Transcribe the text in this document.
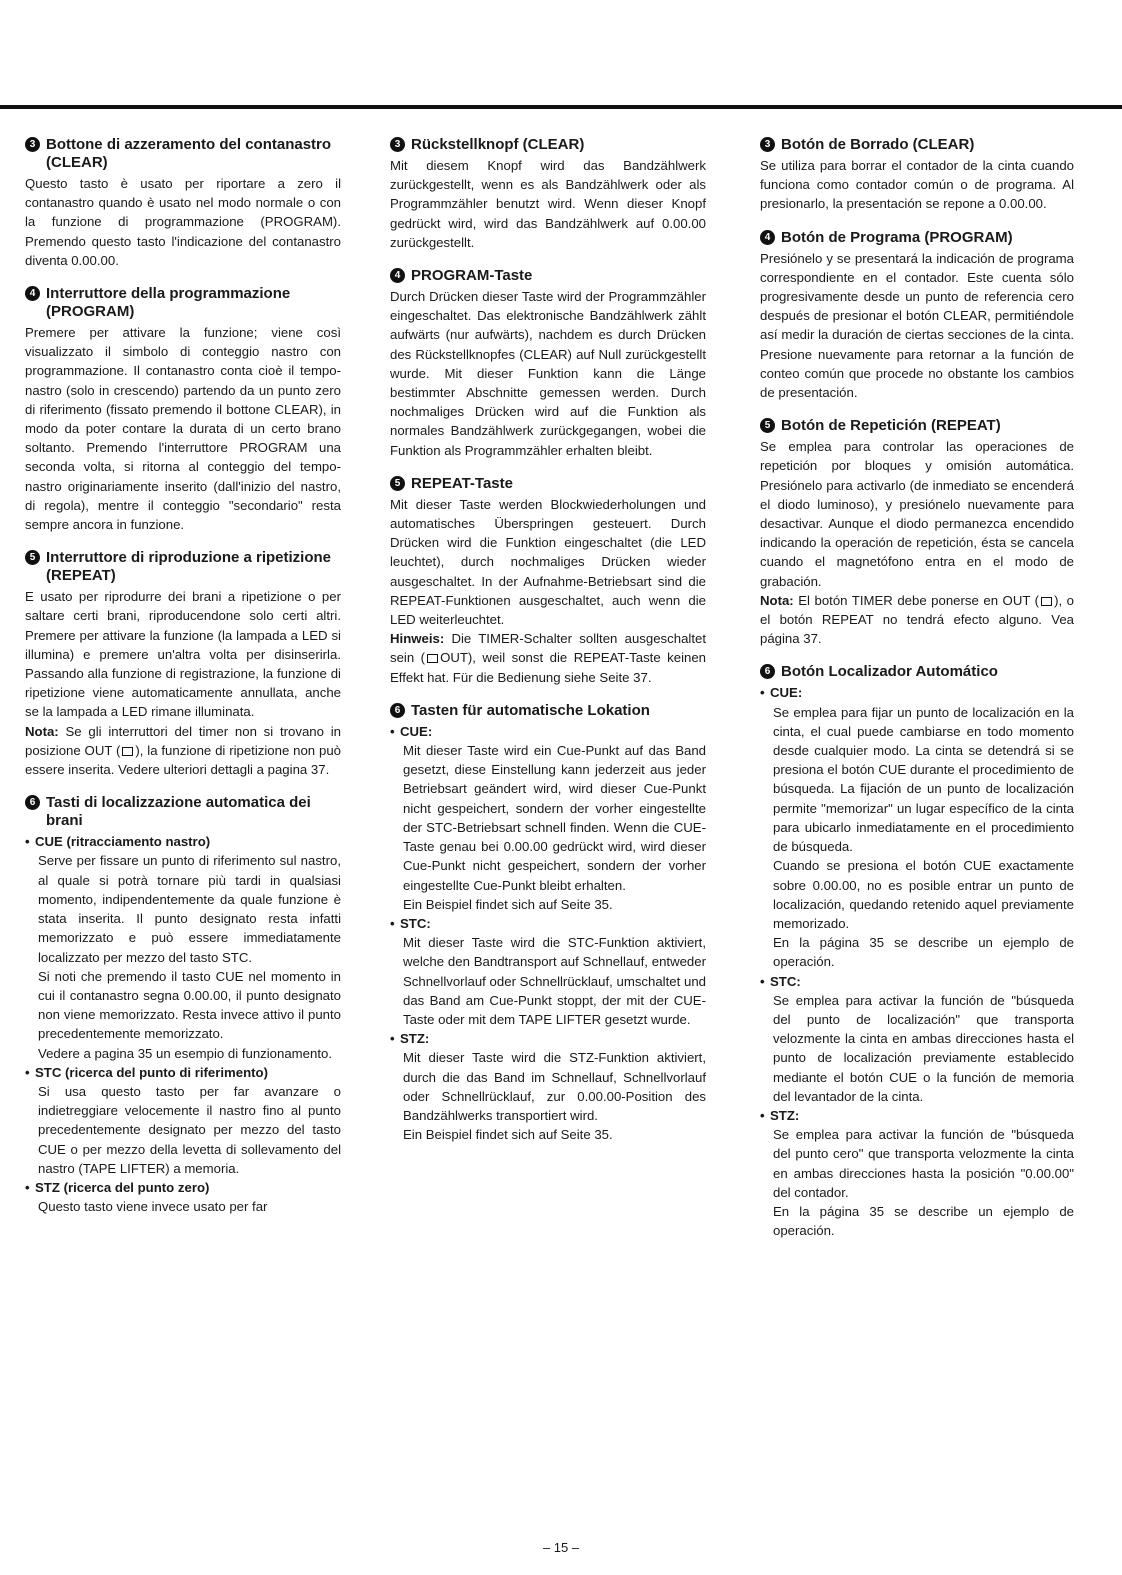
3 Bottone di azzeramento del contanastro (CLEAR)

Questo tasto è usato per riportare a zero il contanastro quando è usato nel modo normale o con la funzione di programmazione (PROGRAM). Premendo questo tasto l'indicazione del contanastro diventa 0.00.00.

4 Interruttore della programmazione (PROGRAM)

Premere per attivare la funzione; viene così visualizzato il simbolo di conteggio nastro con programmazione. Il contanastro conta cioè il tempo-nastro (solo in crescendo) partendo da un punto zero di riferimento (fissato premendo il bottone CLEAR), in modo da poter contare la durata di un certo brano soltanto. Premendo l'interruttore PROGRAM una seconda volta, si ritorna al conteggio del tempo-nastro originariamente inserito (dall'inizio del nastro, di regola), mentre il conteggio "secondario" resta sempre ancora in funzione.

5 Interruttore di riproduzione a ripetizione (REPEAT)

E usato per riprodurre dei brani a ripetizione o per saltare certi brani, riproducendone solo certi altri. Premere per attivare la funzione (la lampada a LED si illumina) e premere un'altra volta per disinserirla. Passando alla funzione di registrazione, la funzione di ripetizione viene automaticamente annullata, anche se la lampada a LED rimane illuminata.

Nota: Se gli interruttori del timer non si trovano in posizione OUT ( ), la funzione di ripetizione non può essere inserita. Vedere ulteriori dettagli a pagina 37.

6 Tasti di localizzazione automatica dei brani

• CUE (ritracciamento nastro)

Serve per fissare un punto di riferimento sul nastro, al quale si potrà tornare più tardi in qualsiasi momento, indipendentemente da quale funzione è stata inserita. Il punto designato resta infatti memorizzato e può essere immediatamente localizzato per mezzo del tasto STC.

Si noti che premendo il tasto CUE nel momento in cui il contanastro segna 0.00.00, il punto designato non viene memorizzato. Resta invece attivo il punto precedentemente memorizzato.

Vedere a pagina 35 un esempio di funzionamento.

• STC (ricerca del punto di riferimento)

Si usa questo tasto per far avanzare o indietreggiare velocemente il nastro fino al punto precedentemente designato per mezzo del tasto CUE o per mezzo della levetta di sollevamento del nastro (TAPE LIFTER) a memoria.

• STZ (ricerca del punto zero)

Questo tasto viene invece usato per far

3 Rückstellknopf (CLEAR)

Mit diesem Knopf wird das Bandzählwerk zurückgestellt, wenn es als Bandzählwerk oder als Programmzähler benutzt wird. Wenn dieser Knopf gedrückt wird, wird das Bandzählwerk auf 0.00.00 zurückgestellt.

4 PROGRAM-Taste

Durch Drücken dieser Taste wird der Programmzähler eingeschaltet. Das elektronische Bandzählwerk zählt aufwärts (nur aufwärts), nachdem es durch Drücken des Rückstellknopfes (CLEAR) auf Null zurückgestellt wurde. Mit dieser Funktion kann die Länge bestimmter Abschnitte gemessen werden. Durch nochmaliges Drücken wird auf die Funktion als normales Bandzählwerk zurückgegangen, wobei die Funktion als Programmzähler erhalten bleibt.

5 REPEAT-Taste

Mit dieser Taste werden Blockwiederholungen und automatisches Überspringen gesteuert. Durch Drücken wird die Funktion eingeschaltet (die LED leuchtet), durch nochmaliges Drücken wieder ausgeschaltet. In der Aufnahme-Betriebsart sind die REPEAT-Funktionen ausgeschaltet, auch wenn die LED weiterleuchtet.

Hinweis: Die TIMER-Schalter sollten ausgeschaltet sein ( OUT), weil sonst die REPEAT-Taste keinen Effekt hat. Für die Bedienung siehe Seite 37.

6 Tasten für automatische Lokation

• CUE:

Mit dieser Taste wird ein Cue-Punkt auf das Band gesetzt, diese Einstellung kann jederzeit aus jeder Betriebsart geändert wird, wird dieser Cue-Punkt nicht gespeichert, sondern der vorher eingestellte der STC-Betriebsart schnell finden. Wenn die CUE-Taste genau bei 0.00.00 gedrückt wird, wird dieser Cue-Punkt nicht gespeichert, sondern der vorher eingestellte Cue-Punkt bleibt erhalten.

Ein Beispiel findet sich auf Seite 35.

• STC:

Mit dieser Taste wird die STC-Funktion aktiviert, welche den Bandtransport auf Schnellauf, entweder Schnellvorlauf oder Schnellrücklauf, umschaltet und das Band am Cue-Punkt stoppt, der mit der CUE-Taste oder mit dem TAPE LIFTER gesetzt wurde.

• STZ:

Mit dieser Taste wird die STZ-Funktion aktiviert, durch die das Band im Schnellauf, Schnellvorlauf oder Schnellrücklauf, zur 0.00.00-Position des Bandzählwerks transportiert wird.

Ein Beispiel findet sich auf Seite 35.

3 Botón de Borrado (CLEAR)

Se utiliza para borrar el contador de la cinta cuando funciona como contador común o de programa. Al presionarlo, la presentación se repone a 0.00.00.

4 Botón de Programa (PROGRAM)

Presiónelo y se presentará la indicación de programa correspondiente en el contador. Este cuenta sólo progresivamente desde un punto de referencia cero después de presionar el botón CLEAR, permitiéndole así medir la duración de ciertas secciones de la cinta. Presione nuevamente para retornar a la función de conteo común que procede no obstante los cambios de presentación.

5 Botón de Repetición (REPEAT)

Se emplea para controlar las operaciones de repetición por bloques y omisión automática. Presiónelo para activarlo (de inmediato se encenderá el diodo luminoso), y presiónelo nuevamente para desactivar. Aunque el diodo permanezca encendido indicando la operación de repetición, ésta se cancela cuando el magnetófono entra en el modo de grabación.

Nota: El botón TIMER debe ponerse en OUT ( ), o el botón REPEAT no tendrá efecto alguno. Vea página 37.

6 Botón Localizador Automático

• CUE:

Se emplea para fijar un punto de localización en la cinta, el cual puede cambiarse en todo momento desde cualquier modo. La cinta se detendrá si se presiona el botón CUE durante el procedimiento de búsqueda. La fijación de un punto de localización permite "memorizar" un lugar específico de la cinta para ubicarlo inmediatamente en el procedimiento de búsqueda.

Cuando se presiona el botón CUE exactamente sobre 0.00.00, no es posible entrar un punto de localización, quedando retenido aquel previamente memorizado.

En la página 35 se describe un ejemplo de operación.

• STC:

Se emplea para activar la función de "búsqueda del punto de localización" que transporta velozmente la cinta en ambas direcciones hasta el punto de localización previamente establecido mediante el botón CUE o la función de memoria del levantador de la cinta.

• STZ:

Se emplea para activar la función de "búsqueda del punto cero" que transporta velozmente la cinta en ambas direcciones hasta la posición "0.00.00" del contador.

En la página 35 se describe un ejemplo de operación.

– 15 –
